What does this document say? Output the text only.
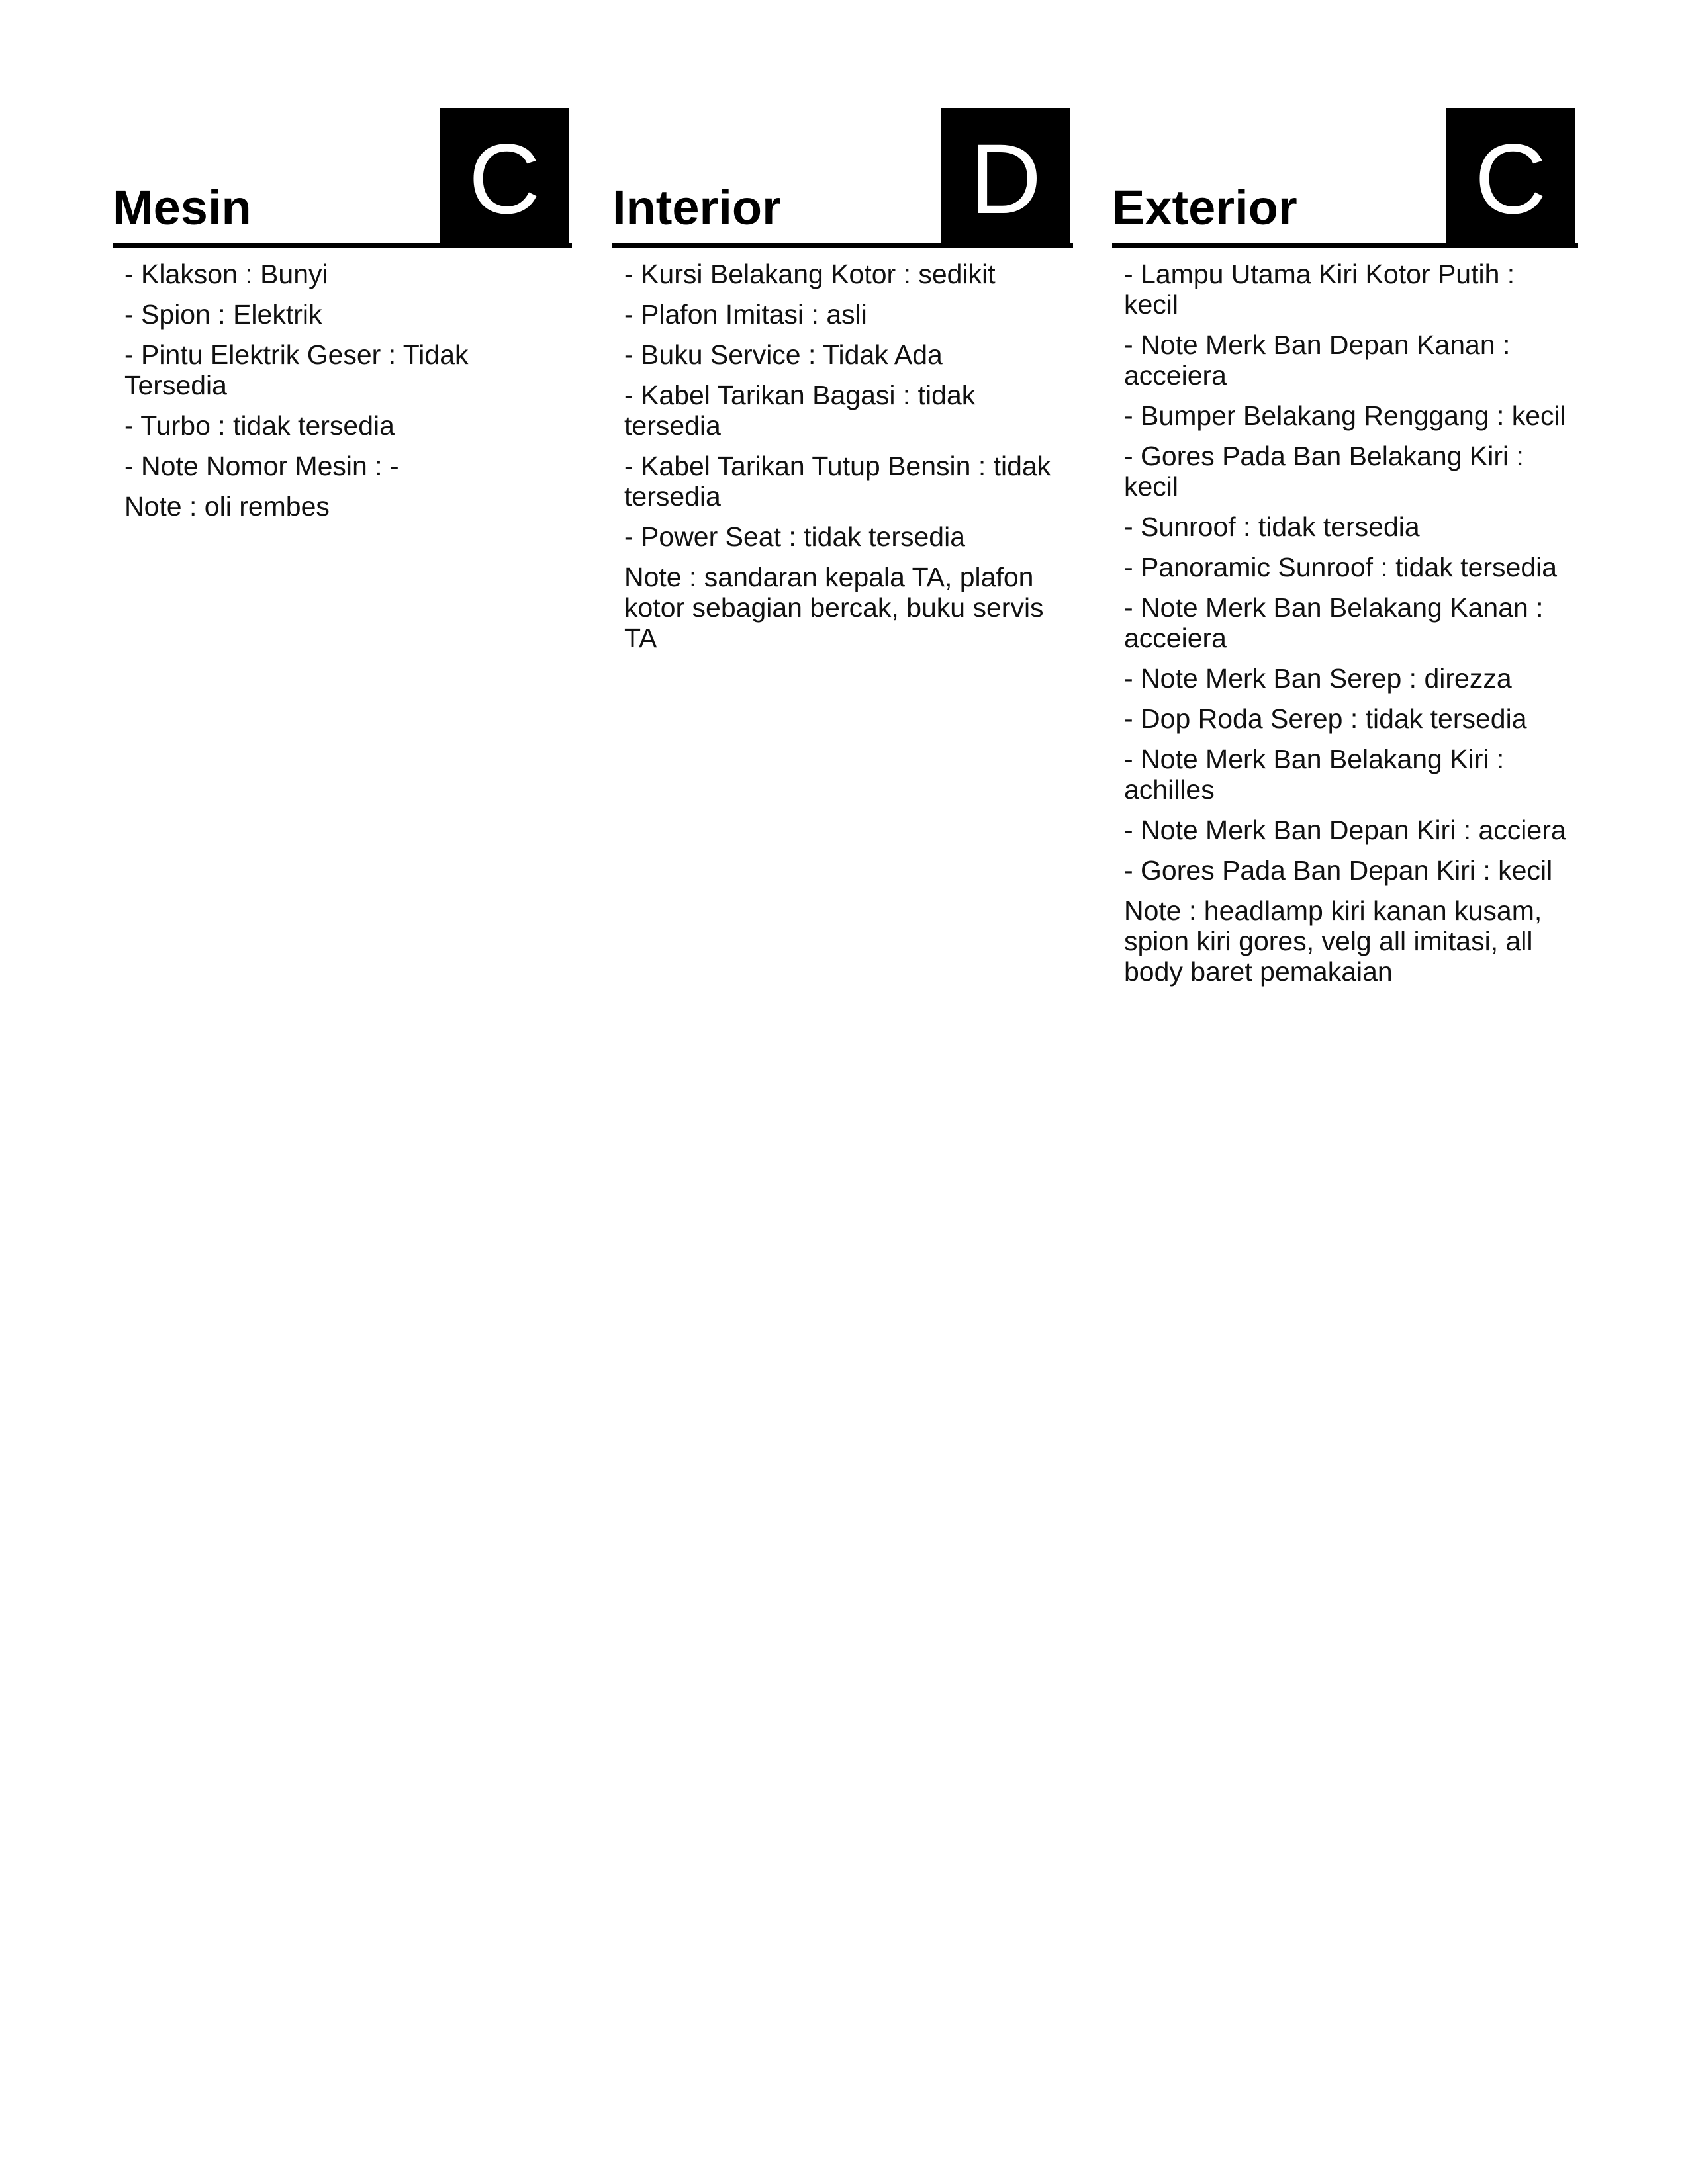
Mesin C
- Klakson : Bunyi
- Spion : Elektrik
- Pintu Elektrik Geser : Tidak Tersedia
- Turbo : tidak tersedia
- Note Nomor Mesin : -
Note : oli rembes
Interior D
- Kursi Belakang Kotor : sedikit
- Plafon Imitasi : asli
- Buku Service : Tidak Ada
- Kabel Tarikan Bagasi : tidak tersedia
- Kabel Tarikan Tutup Bensin : tidak tersedia
- Power Seat : tidak tersedia
Note : sandaran kepala TA, plafon kotor sebagian bercak, buku servis TA
Exterior C
- Lampu Utama Kiri Kotor Putih : kecil
- Note Merk Ban Depan Kanan : acceiera
- Bumper Belakang Renggang : kecil
- Gores Pada Ban Belakang Kiri : kecil
- Sunroof : tidak tersedia
- Panoramic Sunroof : tidak tersedia
- Note Merk Ban Belakang Kanan : acceiera
- Note Merk Ban Serep : direzza
- Dop Roda Serep : tidak tersedia
- Note Merk Ban Belakang Kiri : achilles
- Note Merk Ban Depan Kiri : acciera
- Gores Pada Ban Depan Kiri : kecil
Note : headlamp kiri kanan kusam, spion kiri gores, velg all imitasi, all body baret pemakaian
